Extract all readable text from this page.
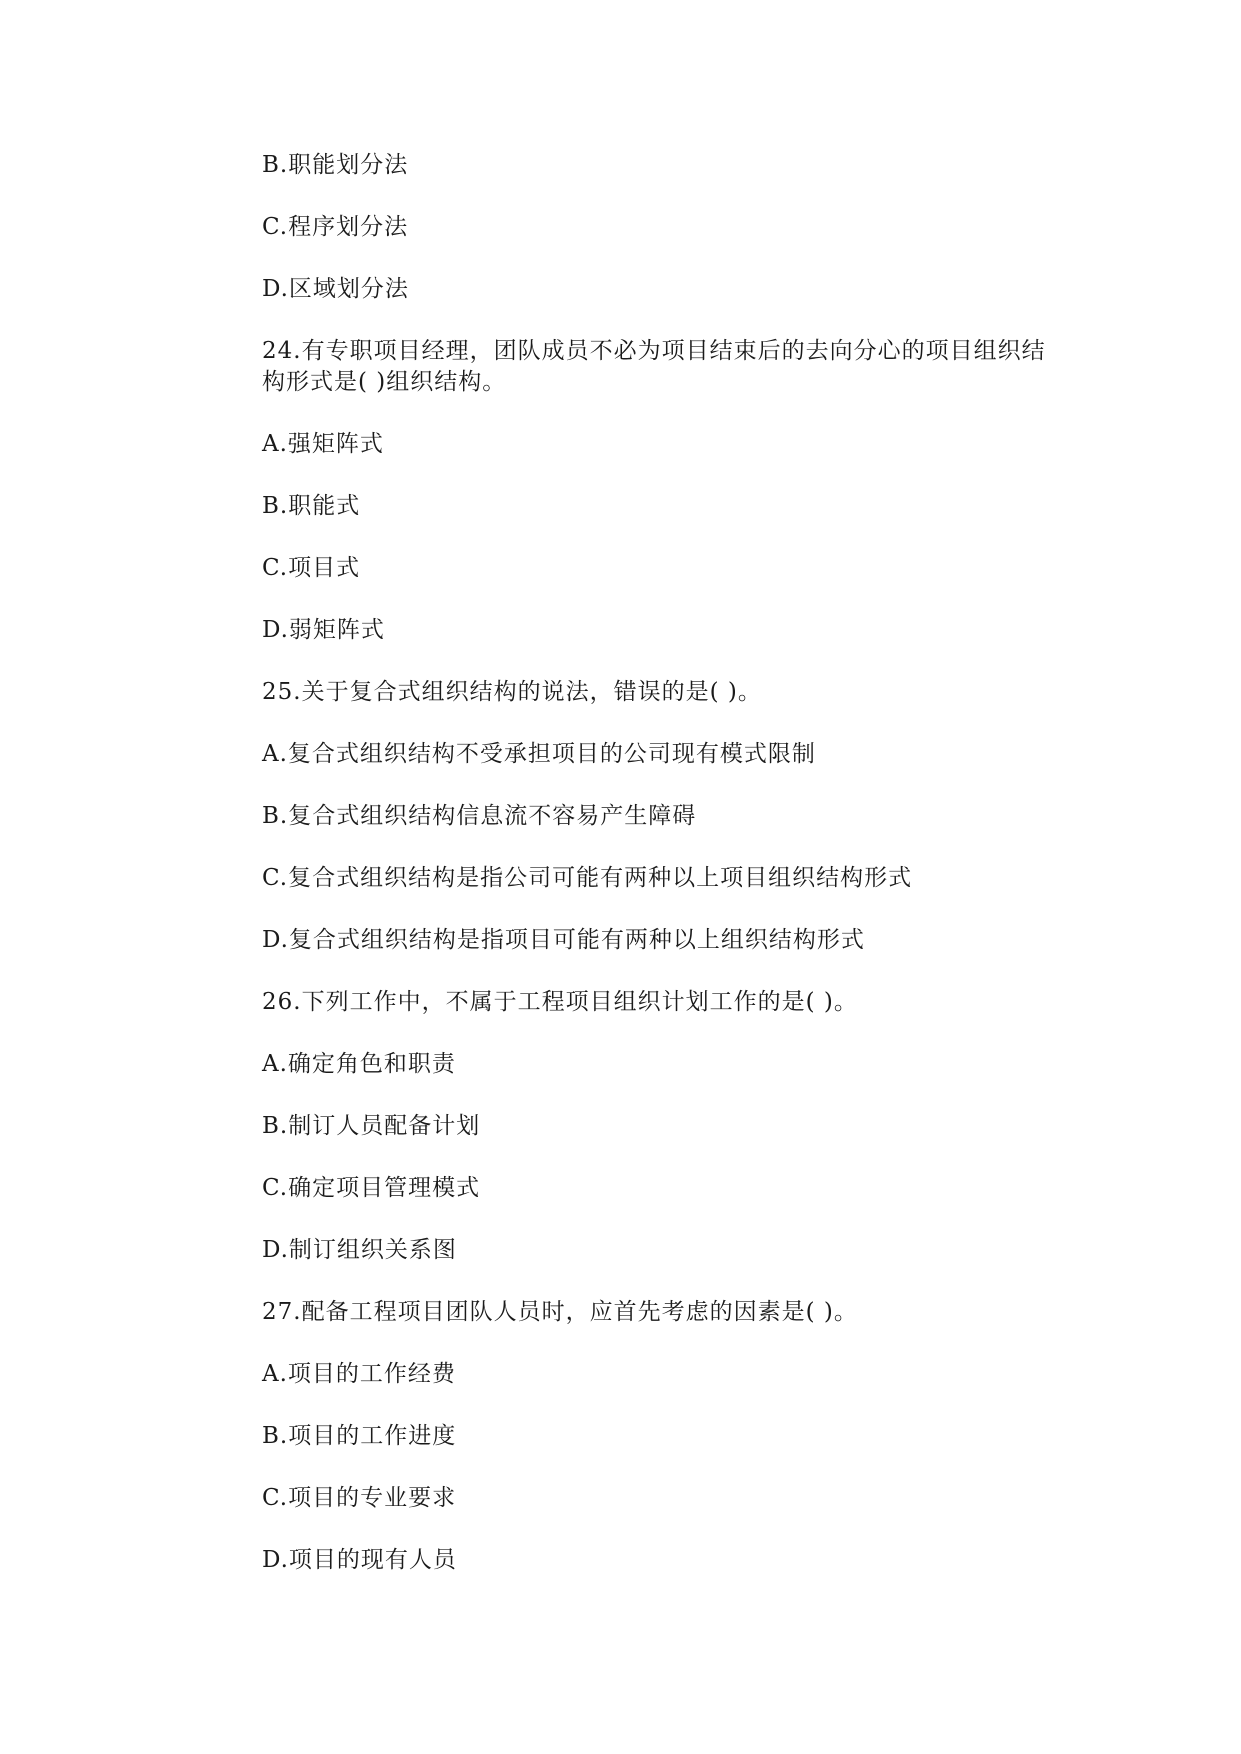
B.职能划分法
C.程序划分法
D.区域划分法
24.有专职项目经理，团队成员不必为项目结束后的去向分心的项目组织结构形式是( )组织结构。
A.强矩阵式
B.职能式
C.项目式
D.弱矩阵式
25.关于复合式组织结构的说法，错误的是( )。
A.复合式组织结构不受承担项目的公司现有模式限制
B.复合式组织结构信息流不容易产生障碍
C.复合式组织结构是指公司可能有两种以上项目组织结构形式
D.复合式组织结构是指项目可能有两种以上组织结构形式
26.下列工作中，不属于工程项目组织计划工作的是( )。
A.确定角色和职责
B.制订人员配备计划
C.确定项目管理模式
D.制订组织关系图
27.配备工程项目团队人员时，应首先考虑的因素是( )。
A.项目的工作经费
B.项目的工作进度
C.项目的专业要求
D.项目的现有人员
